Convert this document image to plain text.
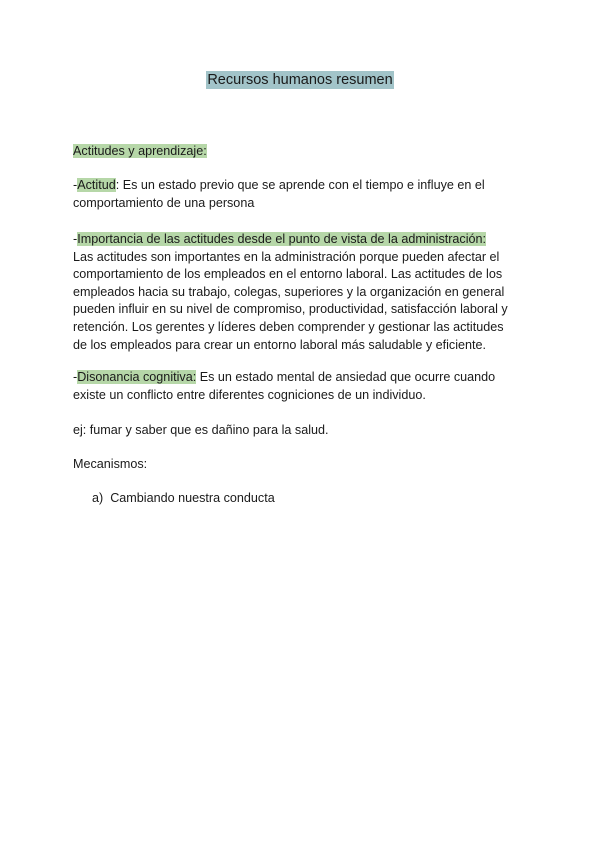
Recursos humanos resumen
Actitudes y aprendizaje:
-Actitud: Es un estado previo que se aprende con el tiempo e influye en el
comportamiento de una persona
-Importancia de las actitudes desde el punto de vista de la administración:
Las actitudes son importantes en la administración porque pueden afectar el
comportamiento de los empleados en el entorno laboral. Las actitudes de los
empleados hacia su trabajo, colegas, superiores y la organización en general
pueden influir en su nivel de compromiso, productividad, satisfacción laboral y
retención. Los gerentes y líderes deben comprender y gestionar las actitudes
de los empleados para crear un entorno laboral más saludable y eficiente.
-Disonancia cognitiva: Es un estado mental de ansiedad que ocurre cuando
existe un conflicto entre diferentes cogniciones de un individuo.
ej: fumar y saber que es dañino para la salud.
Mecanismos:
a) Cambiando nuestra conducta
